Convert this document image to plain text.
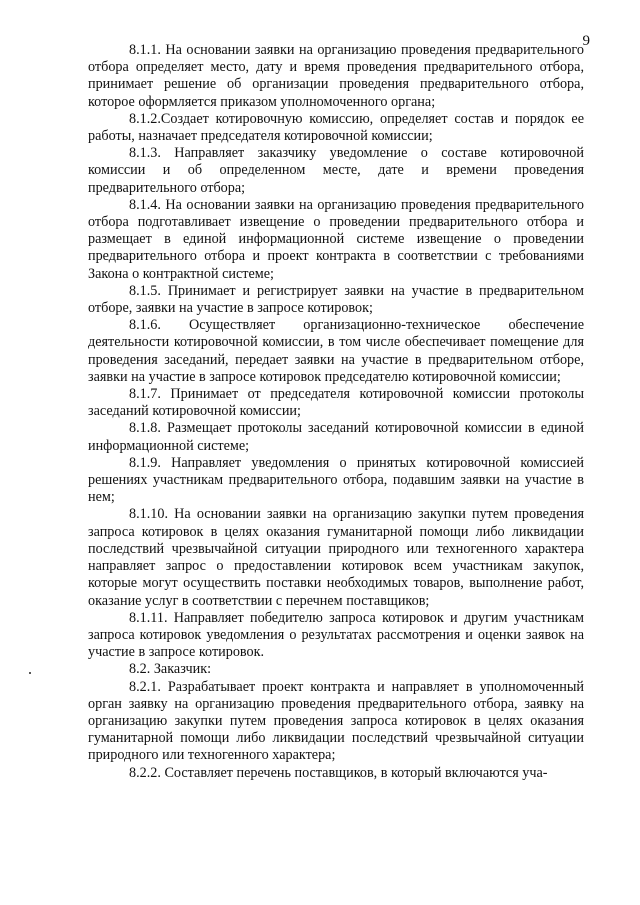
9

8.1.1. На основании заявки на организацию проведения предварительного отбора определяет место, дату и время проведения предварительного отбора, принимает решение об организации проведения предварительного отбора, которое оформляется приказом уполномоченного органа;

8.1.2.Создает котировочную комиссию, определяет состав и порядок ее работы, назначает председателя котировочной комиссии;

8.1.3. Направляет заказчику уведомление о составе котировочной комиссии и об определенном месте, дате и времени проведения предварительного отбора;

8.1.4. На основании заявки на организацию проведения предварительного отбора подготавливает извещение о проведении предварительного отбора и размещает в единой информационной системе извещение о проведении предварительного отбора и проект контракта в соответствии с требованиями Закона о контрактной системе;

8.1.5. Принимает и регистрирует заявки на участие в предварительном отборе, заявки на участие в запросе котировок;

8.1.6. Осуществляет организационно-техническое обеспечение деятельности котировочной комиссии, в том числе обеспечивает помещение для проведения заседаний, передает заявки на участие в предварительном отборе, заявки на участие в запросе котировок председателю котировочной комиссии;

8.1.7. Принимает от председателя котировочной комиссии протоколы заседаний котировочной комиссии;

8.1.8. Размещает протоколы заседаний котировочной комиссии в единой информационной системе;

8.1.9. Направляет уведомления о принятых котировочной комиссией решениях участникам предварительного отбора, подавшим заявки на участие в нем;

8.1.10. На основании заявки на организацию закупки путем проведения запроса котировок в целях оказания гуманитарной помощи либо ликвидации последствий чрезвычайной ситуации природного или техногенного характера направляет запрос о предоставлении котировок всем участникам закупок, которые могут осуществить поставки необходимых товаров, выполнение работ, оказание услуг в соответствии с перечнем поставщиков;

8.1.11. Направляет победителю запроса котировок и другим участникам запроса котировок уведомления о результатах рассмотрения и оценки заявок на участие в запросе котировок.

8.2. Заказчик:

8.2.1. Разрабатывает проект контракта и направляет в уполномоченный орган заявку на организацию проведения предварительного отбора, заявку на организацию закупки путем проведения запроса котировок в целях оказания гуманитарной помощи либо ликвидации последствий чрезвычайной ситуации природного или техногенного характера;

8.2.2. Составляет перечень поставщиков, в который включаются уча-
